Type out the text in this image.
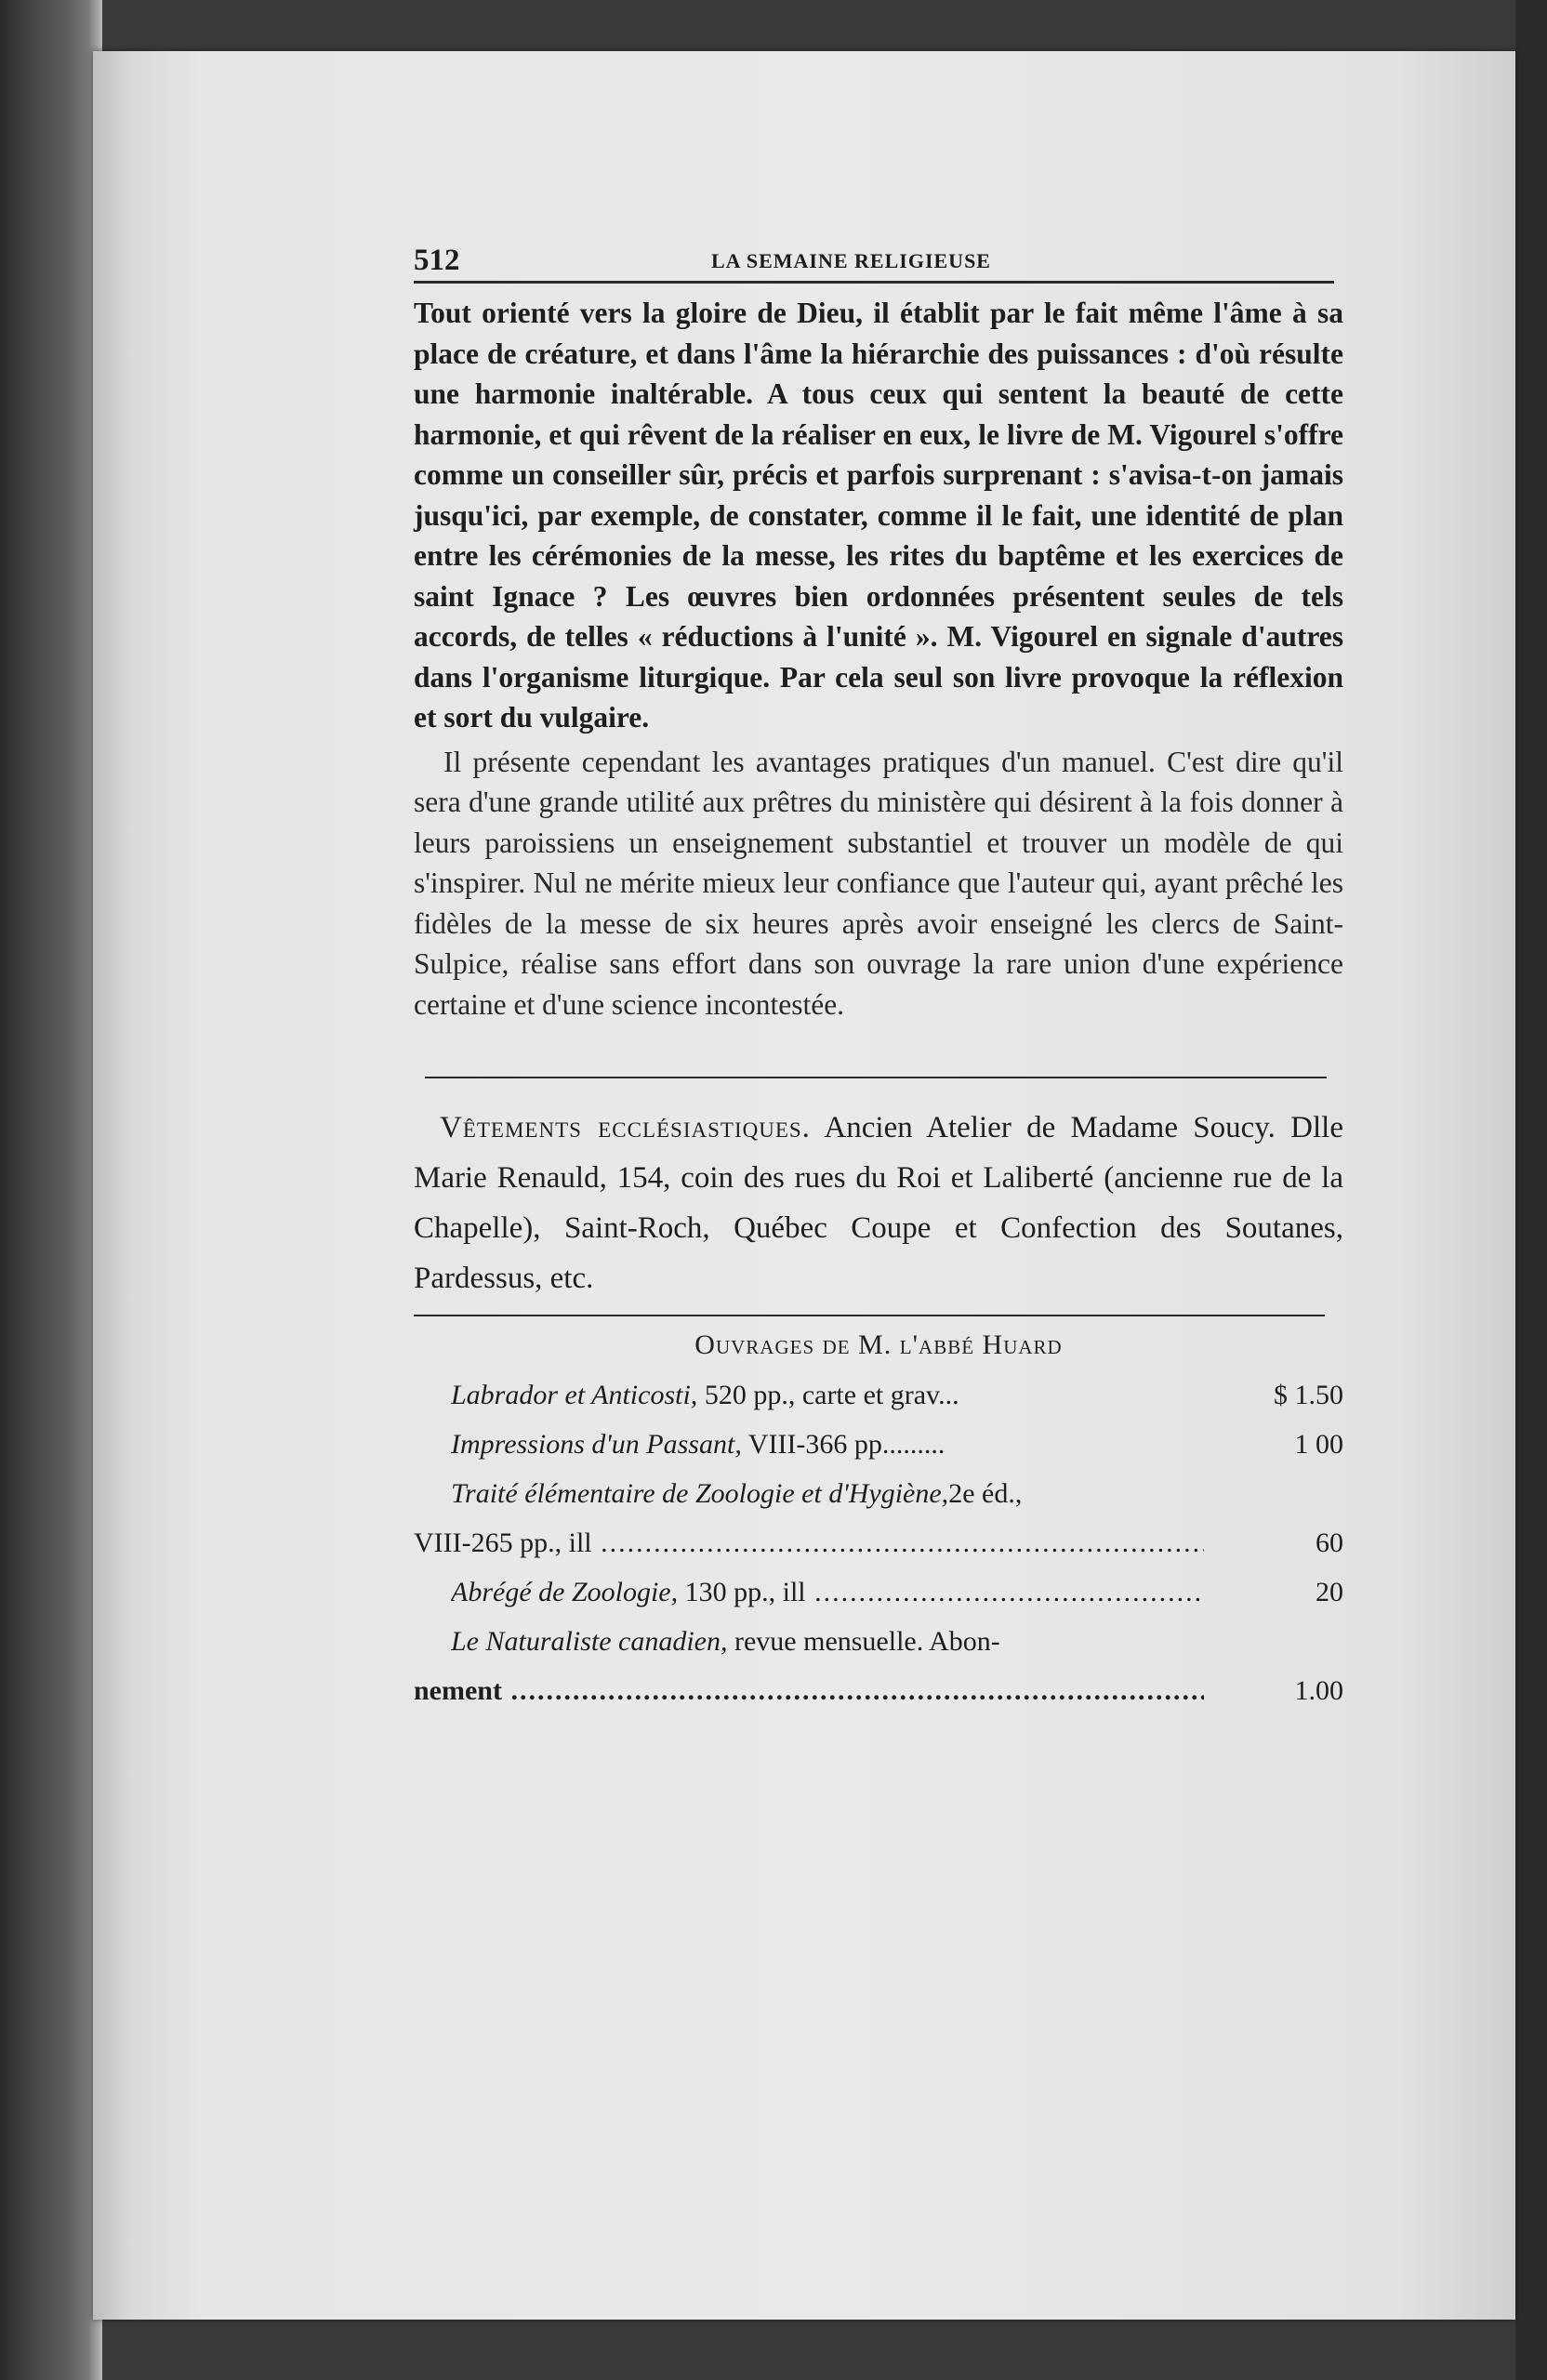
512	LA SEMAINE RELIGIEUSE

Tout orienté vers la gloire de Dieu, il établit par le fait même l'âme à sa place de créature, et dans l'âme la hiérarchie des puissances : d'où résulte une harmonie inaltérable. A tous ceux qui sentent la beauté de cette harmonie, et qui rêvent de la réaliser en eux, le livre de M. Vigourel s'offre comme un conseiller sûr, précis et parfois surprenant : s'avisa-t-on jamais jusqu'ici, par exemple, de constater, comme il le fait, une identité de plan entre les cérémonies de la messe, les rites du baptême et les exercices de saint Ignace ? Les œuvres bien ordonnées présentent seules de tels accords, de telles « réductions à l'unité ». M. Vigourel en signale d'autres dans l'organisme liturgique. Par cela seul son livre provoque la réflexion et sort du vulgaire.

Il présente cependant les avantages pratiques d'un manuel. C'est dire qu'il sera d'une grande utilité aux prêtres du ministère qui désirent à la fois donner à leurs paroissiens un enseignement substantiel et trouver un modèle de qui s'inspirer. Nul ne mérite mieux leur confiance que l'auteur qui, ayant prêché les fidèles de la messe de six heures après avoir enseigné les clercs de Saint-Sulpice, réalise sans effort dans son ouvrage la rare union d'une expérience certaine et d'une science incontestée.

Vêtements ecclésiastiques. Ancien Atelier de Madame Soucy. Dlle Marie Renauld, 154, coin des rues du Roi et Laliberté (ancienne rue de la Chapelle), Saint-Roch, Québec Coupe et Confection des Soutanes, Pardessus, etc.

Ouvrages de M. l'abbé Huard
Labrador et Anticosti, 520 pp., carte et grav...	$ 1.50
Impressions d'un Passant, VIII-366 pp.........	1 00
Traité élémentaire de Zoologie et d'Hygiène,2e éd.,
VIII-265 pp., ill .....	60
Abrégé de Zoologie, 130 pp., ill .....	20
Le Naturaliste canadien, revue mensuelle. Abon-
nement .....	1.00
